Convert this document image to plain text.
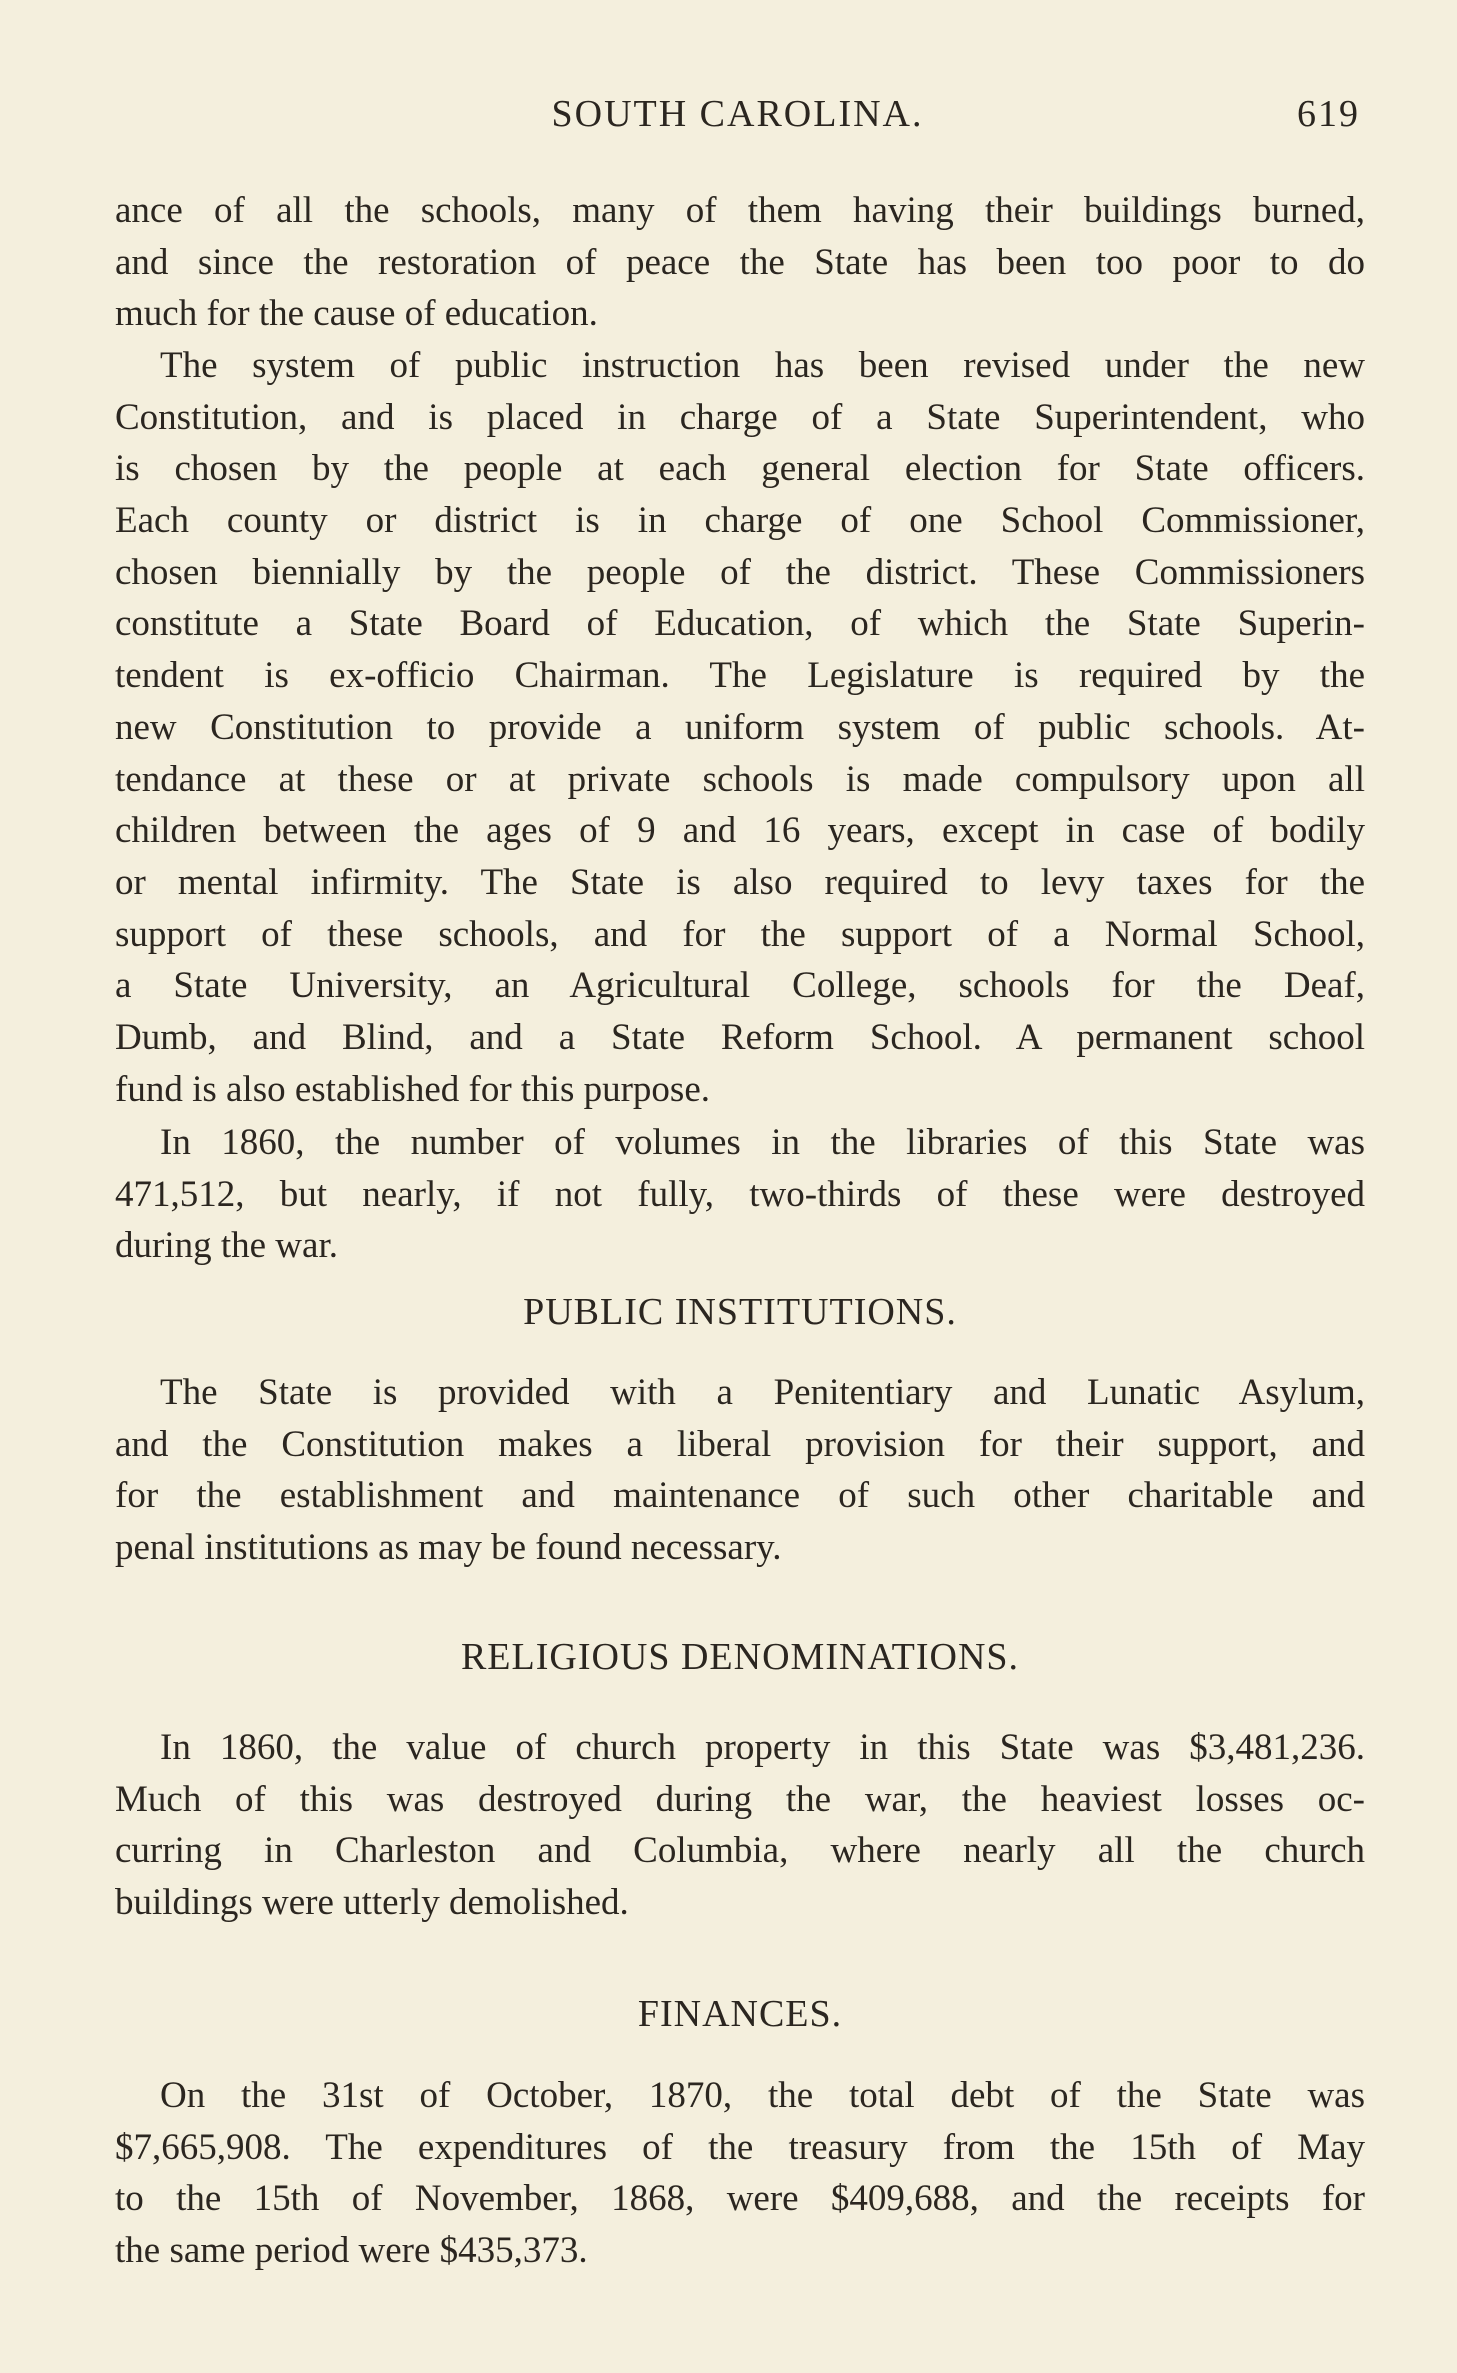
SOUTH CAROLINA.	619
ance of all the schools, many of them having their buildings burned,
and since the restoration of peace the State has been too poor to do
much for the cause of education.
The system of public instruction has been revised under the new
Constitution, and is placed in charge of a State Superintendent, who
is chosen by the people at each general election for State officers.
Each county or district is in charge of one School Commissioner,
chosen biennially by the people of the district. These Commissioners
constitute a State Board of Education, of which the State Superin-
tendent is ex-officio Chairman. The Legislature is required by the
new Constitution to provide a uniform system of public schools. At-
tendance at these or at private schools is made compulsory upon all
children between the ages of 9 and 16 years, except in case of bodily
or mental infirmity. The State is also required to levy taxes for the
support of these schools, and for the support of a Normal School,
a State University, an Agricultural College, schools for the Deaf,
Dumb, and Blind, and a State Reform School. A permanent school
fund is also established for this purpose.
In 1860, the number of volumes in the libraries of this State was
471,512, but nearly, if not fully, two-thirds of these were destroyed
during the war.
PUBLIC INSTITUTIONS.
The State is provided with a Penitentiary and Lunatic Asylum,
and the Constitution makes a liberal provision for their support, and
for the establishment and maintenance of such other charitable and
penal institutions as may be found necessary.
RELIGIOUS DENOMINATIONS.
In 1860, the value of church property in this State was $3,481,236.
Much of this was destroyed during the war, the heaviest losses oc-
curring in Charleston and Columbia, where nearly all the church
buildings were utterly demolished.
FINANCES.
On the 31st of October, 1870, the total debt of the State was
$7,665,908. The expenditures of the treasury from the 15th of May
to the 15th of November, 1868, were $409,688, and the receipts for
the same period were $435,373.
